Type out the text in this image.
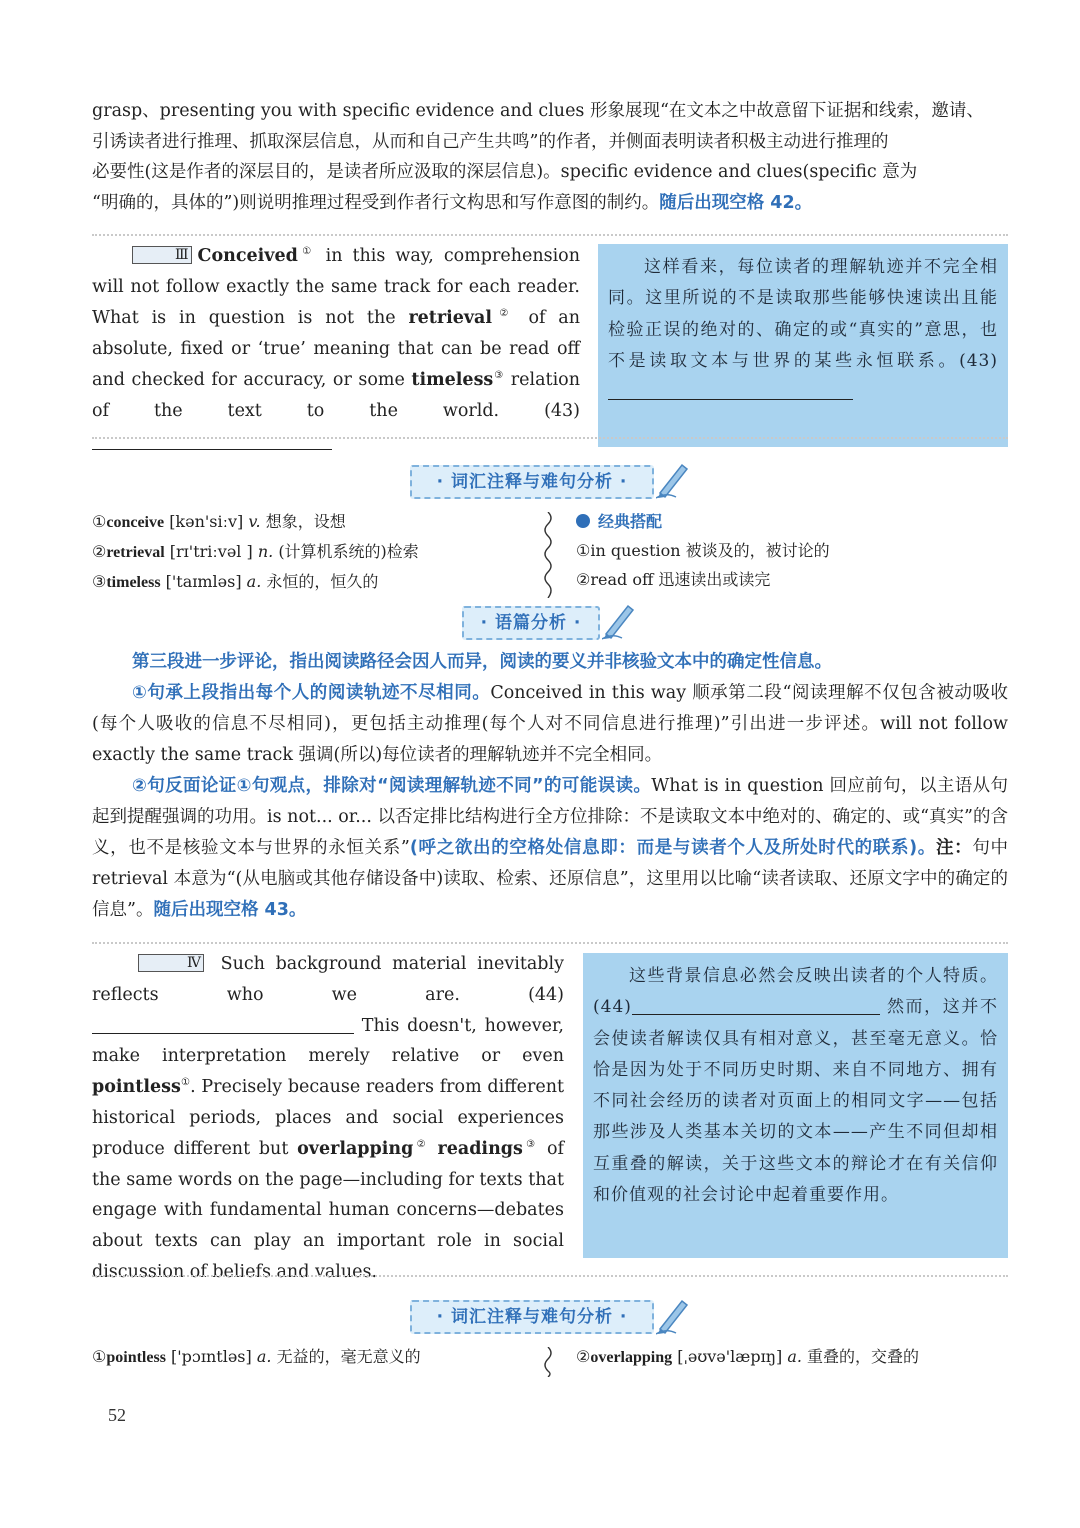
grasp、presenting you with specific evidence and clues 形象展现“在文本之中故意留下证据和线索，邀请、
引诱读者进行推理、抓取深层信息，从而和自己产生共鸣”的作者，并侧面表明读者积极主动进行推理的
必要性(这是作者的深层目的，是读者所应汲取的深层信息)。specific evidence and clues(specific 意为
“明确的，具体的”)则说明推理过程受到作者行文构思和写作意图的制约。随后出现空格 42。

Ⅲ Conceived① in this way, comprehension will not follow exactly the same track for each reader. What is in question is not the retrieval② of an absolute, fixed or ‘true’ meaning that can be read off and checked for accuracy, or some timeless③ relation of the text to the world.	(43)

这样看来，每位读者的理解轨迹并不完全相同。这里所说的不是读取那些能够快速读出且能检验正误的绝对的、确定的或“真实的”意思，也不是读取文本与世界的某些永恒联系。(43)

· 词汇注释与难句分析 ·
①conceive [kən'siːv] v. 想象，设想
②retrieval [rɪ'triːvəl ] n. (计算机系统的)检索
③timeless ['taɪmləs] a. 永恒的，恒久的
经典搭配
①in question 被谈及的，被讨论的
②read off 迅速读出或读完
· 语篇分析 ·

第三段进一步评论，指出阅读路径会因人而异，阅读的要义并非核验文本中的确定性信息。

①句承上段指出每个人的阅读轨迹不尽相同。Conceived in this way 顺承第二段“阅读理解不仅包含被动吸收(每个人吸收的信息不尽相同)，更包括主动推理(每个人对不同信息进行推理)”引出进一步评述。will not follow exactly the same track 强调(所以)每位读者的理解轨迹并不完全相同。

②句反面论证①句观点，排除对“阅读理解轨迹不同”的可能误读。What is in question 回应前句，以主语从句起到提醒强调的功用。is not... or... 以否定排比结构进行全方位排除：不是读取文本中绝对的、确定的、或“真实”的含义，也不是核验文本与世界的永恒关系”(呼之欲出的空格处信息即：而是与读者个人及所处时代的联系)。注：句中 retrieval 本意为“(从电脑或其他存储设备中)读取、检索、还原信息”，这里用以比喻“读者读取、还原文字中的确定的信息”。随后出现空格 43。

Ⅳ Such background material inevitably reflects who we are.	(44)  This doesn't, however, make interpretation merely relative or even pointless①. Precisely because readers from different historical periods, places and social experiences produce different but overlapping② readings③ of the same words on the page—including for texts that engage with fundamental human concerns—debates about texts can play an important role in social discussion of beliefs and values.

这些背景信息必然会反映出读者的个人特质。(44)	然而，这并不会使读者解读仅具有相对意义，甚至毫无意义。恰恰是因为处于不同历史时期、来自不同地方、拥有不同社会经历的读者对页面上的相同文字——包括那些涉及人类基本关切的文本——产生不同但却相互重叠的解读，关于这些文本的辩论才在有关信仰和价值观的社会讨论中起着重要作用。

· 词汇注释与难句分析 ·
①pointless ['pɔɪntləs] a. 无益的，毫无意义的	②overlapping [ˌəʊvə'læpɪŋ] a. 重叠的，交叠的
52
